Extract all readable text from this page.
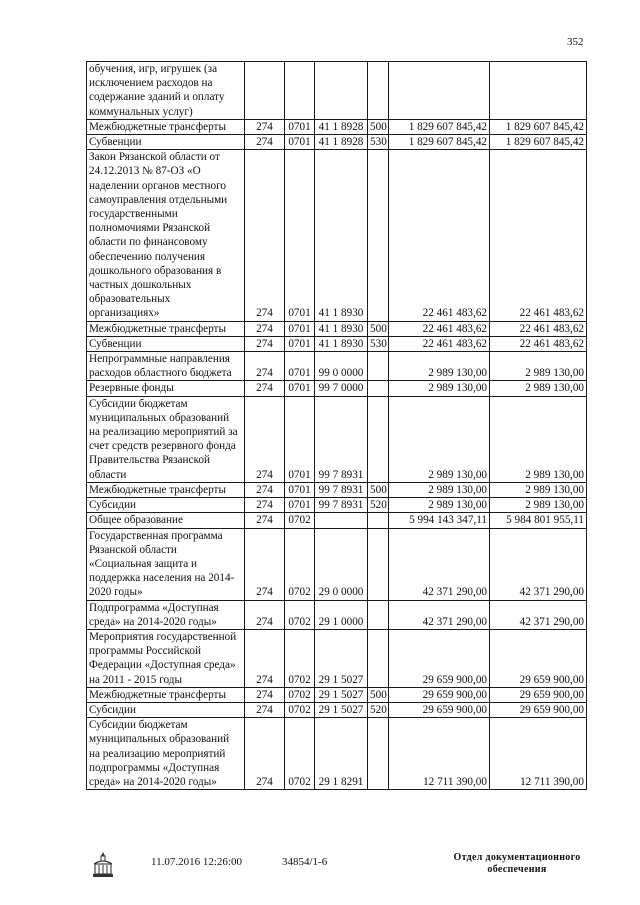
352
обучения, игр, игрушек (за исключением расходов на содержание зданий и оплату коммунальных услуг)						
Межбюджетные трансферты	274	0701	41 1 8928	500	1 829 607 845,42	1 829 607 845,42
Субвенции	274	0701	41 1 8928	530	1 829 607 845,42	1 829 607 845,42
Закон Рязанской области от 24.12.2013 № 87-ОЗ «О наделении органов местного самоуправления отдельными государственными полномочиями Рязанской области по финансовому обеспечению получения дошкольного образования в частных дошкольных образовательных организациях»	274	0701	41 1 8930		22 461 483,62	22 461 483,62
Межбюджетные трансферты	274	0701	41 1 8930	500	22 461 483,62	22 461 483,62
Субвенции	274	0701	41 1 8930	530	22 461 483,62	22 461 483,62
Непрограммные направления расходов областного бюджета	274	0701	99 0 0000		2 989 130,00	2 989 130,00
Резервные фонды	274	0701	99 7 0000		2 989 130,00	2 989 130,00
Субсидии бюджетам муниципальных образований на реализацию мероприятий за счет средств резервного фонда Правительства Рязанской области	274	0701	99 7 8931		2 989 130,00	2 989 130,00
Межбюджетные трансферты	274	0701	99 7 8931	500	2 989 130,00	2 989 130,00
Субсидии	274	0701	99 7 8931	520	2 989 130,00	2 989 130,00
Общее образование	274	0702			5 994 143 347,11	5 984 801 955,11
Государственная программа Рязанской области «Социальная защита и поддержка населения на 2014-2020 годы»	274	0702	29 0 0000		42 371 290,00	42 371 290,00
Подпрограмма «Доступная среда» на 2014-2020 годы»	274	0702	29 1 0000		42 371 290,00	42 371 290,00
Мероприятия государственной программы Российской Федерации «Доступная среда» на 2011 - 2015 годы	274	0702	29 1 5027		29 659 900,00	29 659 900,00
Межбюджетные трансферты	274	0702	29 1 5027	500	29 659 900,00	29 659 900,00
Субсидии	274	0702	29 1 5027	520	29 659 900,00	29 659 900,00
Субсидии бюджетам муниципальных образований на реализацию мероприятий подпрограммы «Доступная среда» на 2014-2020 годы»	274	0702	29 1 8291		12 711 390,00	12 711 390,00
11.07.2016 12:26:00	34854/1-6	Отдел документационного обеспечения
